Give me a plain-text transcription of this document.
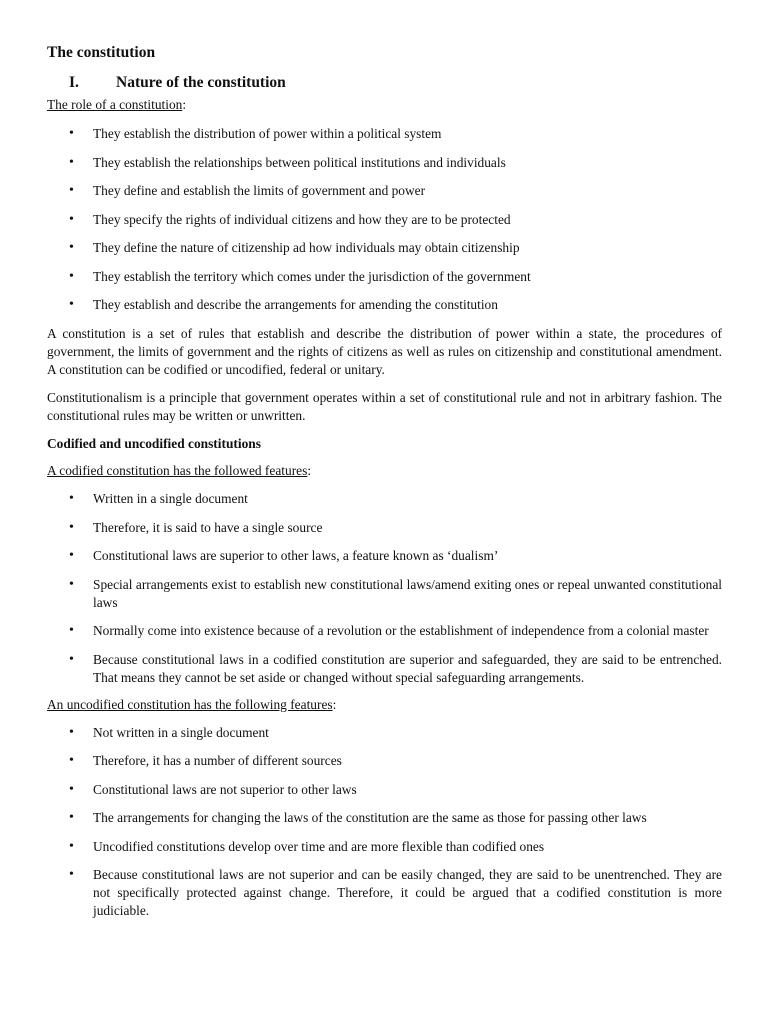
The constitution
I.	Nature of the constitution

The role of a constitution:

• They establish the distribution of power within a political system
• They establish the relationships between political institutions and individuals
• They define and establish the limits of government and power
• They specify the rights of individual citizens and how they are to be protected
• They define the nature of citizenship ad how individuals may obtain citizenship
• They establish the territory which comes under the jurisdiction of the government
• They establish and describe the arrangements for amending the constitution

A constitution is a set of rules that establish and describe the distribution of power within a state, the procedures of government, the limits of government and the rights of citizens as well as rules on citizenship and constitutional amendment. A constitution can be codified or uncodified, federal or unitary.

Constitutionalism is a principle that government operates within a set of constitutional rule and not in arbitrary fashion. The constitutional rules may be written or unwritten.

Codified and uncodified constitutions

A codified constitution has the followed features:

• Written in a single document
• Therefore, it is said to have a single source
• Constitutional laws are superior to other laws, a feature known as ‘dualism’
• Special arrangements exist to establish new constitutional laws/amend exiting ones or repeal unwanted constitutional laws
• Normally come into existence because of a revolution or the establishment of independence from a colonial master
• Because constitutional laws in a codified constitution are superior and safeguarded, they are said to be entrenched. That means they cannot be set aside or changed without special safeguarding arrangements.

An uncodified constitution has the following features:

• Not written in a single document
• Therefore, it has a number of different sources
• Constitutional laws are not superior to other laws
• The arrangements for changing the laws of the constitution are the same as those for passing other laws
• Uncodified constitutions develop over time and are more flexible than codified ones
• Because constitutional laws are not superior and can be easily changed, they are said to be unentrenched. They are not specifically protected against change. Therefore, it could be argued that a codified constitution is more judiciable.
